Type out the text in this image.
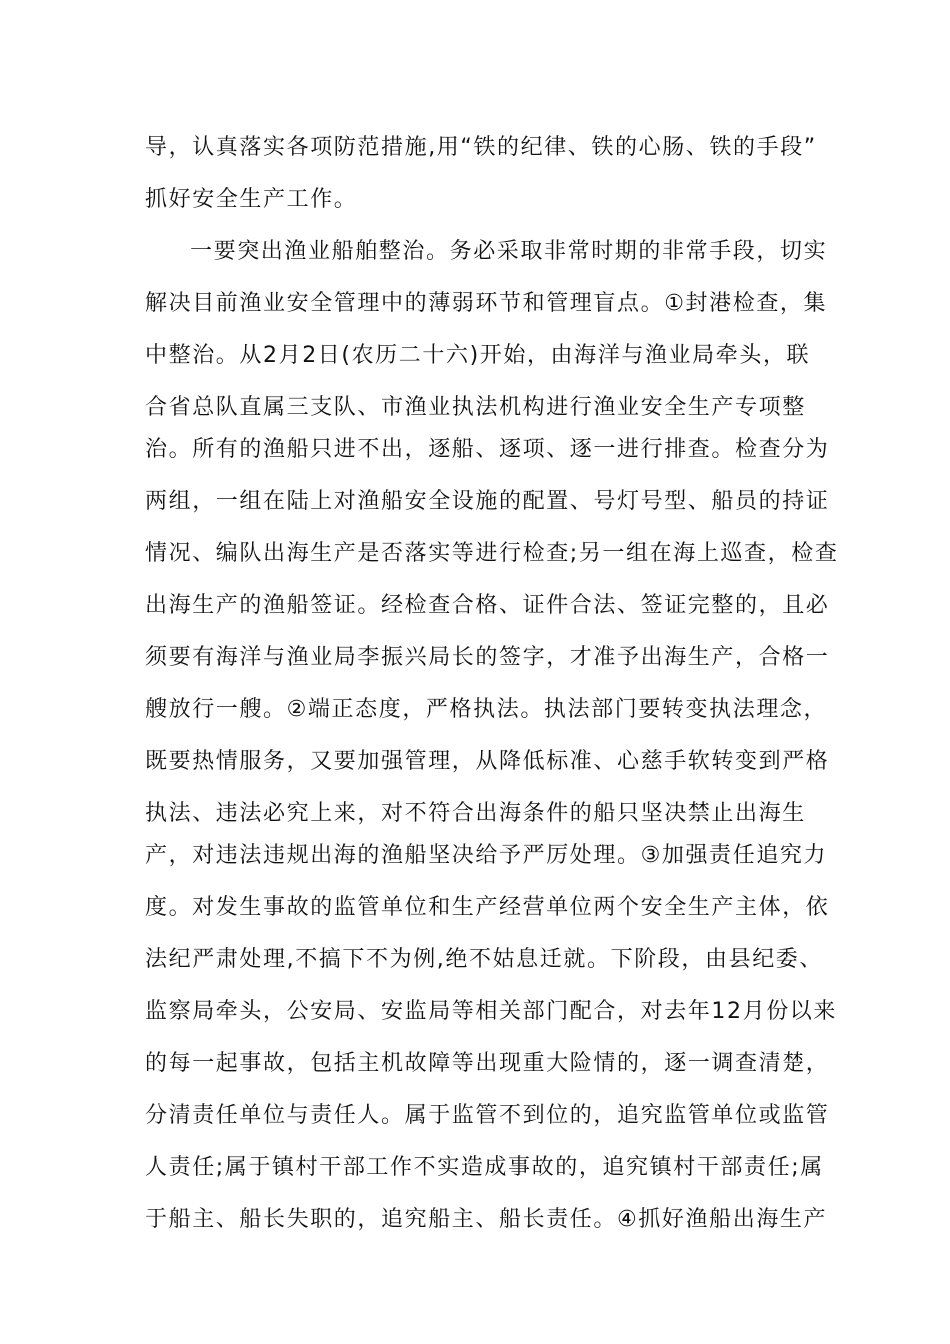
导，认真落实各项防范措施,用“铁的纪律、铁的心肠、铁的手段”
抓好安全生产工作。
一要突出渔业船舶整治。务必采取非常时期的非常手段，切实
解决目前渔业安全管理中的薄弱环节和管理盲点。①封港检查，集
中整治。从2月2日(农历二十六)开始，由海洋与渔业局牵头，联
合省总队直属三支队、市渔业执法机构进行渔业安全生产专项整
治。所有的渔船只进不出，逐船、逐项、逐一进行排查。检查分为
两组，一组在陆上对渔船安全设施的配置、号灯号型、船员的持证
情况、编队出海生产是否落实等进行检查;另一组在海上巡查，检查
出海生产的渔船签证。经检查合格、证件合法、签证完整的，且必
须要有海洋与渔业局李振兴局长的签字，才准予出海生产，合格一
艘放行一艘。②端正态度，严格执法。执法部门要转变执法理念，
既要热情服务，又要加强管理，从降低标准、心慈手软转变到严格
执法、违法必究上来，对不符合出海条件的船只坚决禁止出海生
产，对违法违规出海的渔船坚决给予严厉处理。③加强责任追究力
度。对发生事故的监管单位和生产经营单位两个安全生产主体，依
法纪严肃处理,不搞下不为例,绝不姑息迁就。下阶段，由县纪委、
监察局牵头，公安局、安监局等相关部门配合，对去年12月份以来
的每一起事故，包括主机故障等出现重大险情的，逐一调查清楚，
分清责任单位与责任人。属于监管不到位的，追究监管单位或监管
人责任;属于镇村干部工作不实造成事故的，追究镇村干部责任;属
于船主、船长失职的，追究船主、船长责任。④抓好渔船出海生产
